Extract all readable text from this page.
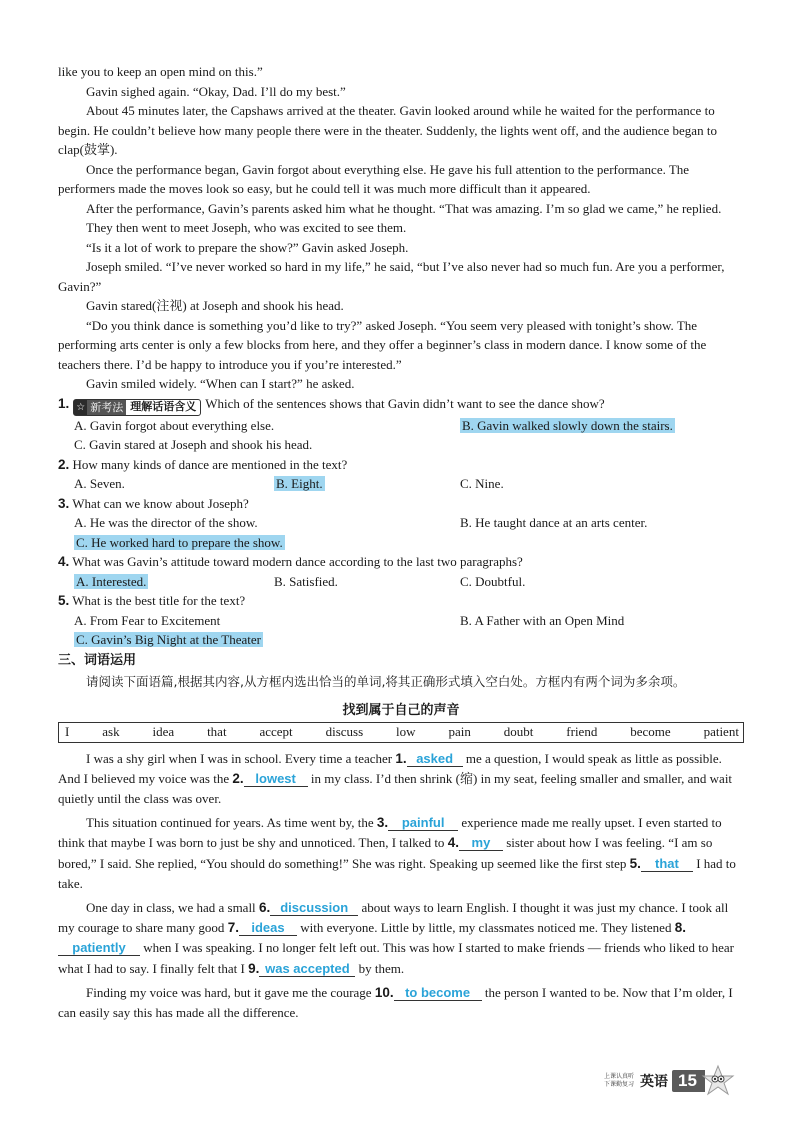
like you to keep an open mind on this.”

Gavin sighed again. “Okay, Dad. I’ll do my best.”

About 45 minutes later, the Capshaws arrived at the theater. Gavin looked around while he waited for the performance to begin. He couldn’t believe how many people there were in the theater. Suddenly, the lights went off, and the audience began to clap(鼓掌).

Once the performance began, Gavin forgot about everything else. He gave his full attention to the performance. The performers made the moves look so easy, but he could tell it was much more difficult than it appeared.

After the performance, Gavin’s parents asked him what he thought. “That was amazing. I’m so glad we came,” he replied.

They then went to meet Joseph, who was excited to see them.

“Is it a lot of work to prepare the show?” Gavin asked Joseph.

Joseph smiled. “I’ve never worked so hard in my life,” he said, “but I’ve also never had so much fun. Are you a performer, Gavin?”

Gavin stared(注视) at Joseph and shook his head.

“Do you think dance is something you’d like to try?” asked Joseph. “You seem very pleased with tonight’s show. The performing arts center is only a few blocks from here, and they offer a beginner’s class in modern dance. I know some of the teachers there. I’d be happy to introduce you if you’re interested.”

Gavin smiled widely. “When can I start?” he asked.

1. ☆ 新考法 理解话语含义 Which of the sentences shows that Gavin didn’t want to see the dance show?

A. Gavin forgot about everything else.	B. Gavin walked slowly down the stairs.
C. Gavin stared at Joseph and shook his head.

2. How many kinds of dance are mentioned in the text?

A. Seven.	B. Eight.	C. Nine.

3. What can we know about Joseph?

A. He was the director of the show.	B. He taught dance at an arts center.
C. He worked hard to prepare the show.

4. What was Gavin’s attitude toward modern dance according to the last two paragraphs?

A. Interested.	B. Satisfied.	C. Doubtful.

5. What is the best title for the text?

A. From Fear to Excitement	B. A Father with an Open Mind
C. Gavin’s Big Night at the Theater

三、词语运用

请阅读下面语篇,根据其内容,从方框内选出恰当的单词,将其正确形式填入空白处。方框内有两个词为多余项。

找到属于自己的声音
I	ask	idea	that	accept	discuss	low	pain	doubt	friend	become	patient

I was a shy girl when I was in school. Every time a teacher 1. asked me a question, I would speak as little as possible. And I believed my voice was the 2. lowest in my class. I’d then shrink (缩) in my seat, feeling smaller and smaller, and wait quietly until the class was over.

This situation continued for years. As time went by, the 3. painful experience made me really upset. I even started to think that maybe I was born to just be shy and unnoticed. Then, I talked to 4. my sister about how I was feeling. “I am so bored,” I said. She replied, “You should do something!” She was right. Speaking up seemed like the first step 5. that I had to take.

One day in class, we had a small 6. discussion about ways to learn English. I thought it was just my chance. I took all my courage to share many good 7. ideas with everyone. Little by little, my classmates noticed me. They listened 8.patiently when I was speaking. I no longer felt left out. This was how I started to make friends — friends who liked to hear what I had to say. I finally felt that I 9. was accepted by them.

Finding my voice was hard, but it gave me the courage 10. to become the person I wanted to be. Now that I’m older, I can easily say this has made all the difference.

上课认真听
下课勤复习 英语 15
